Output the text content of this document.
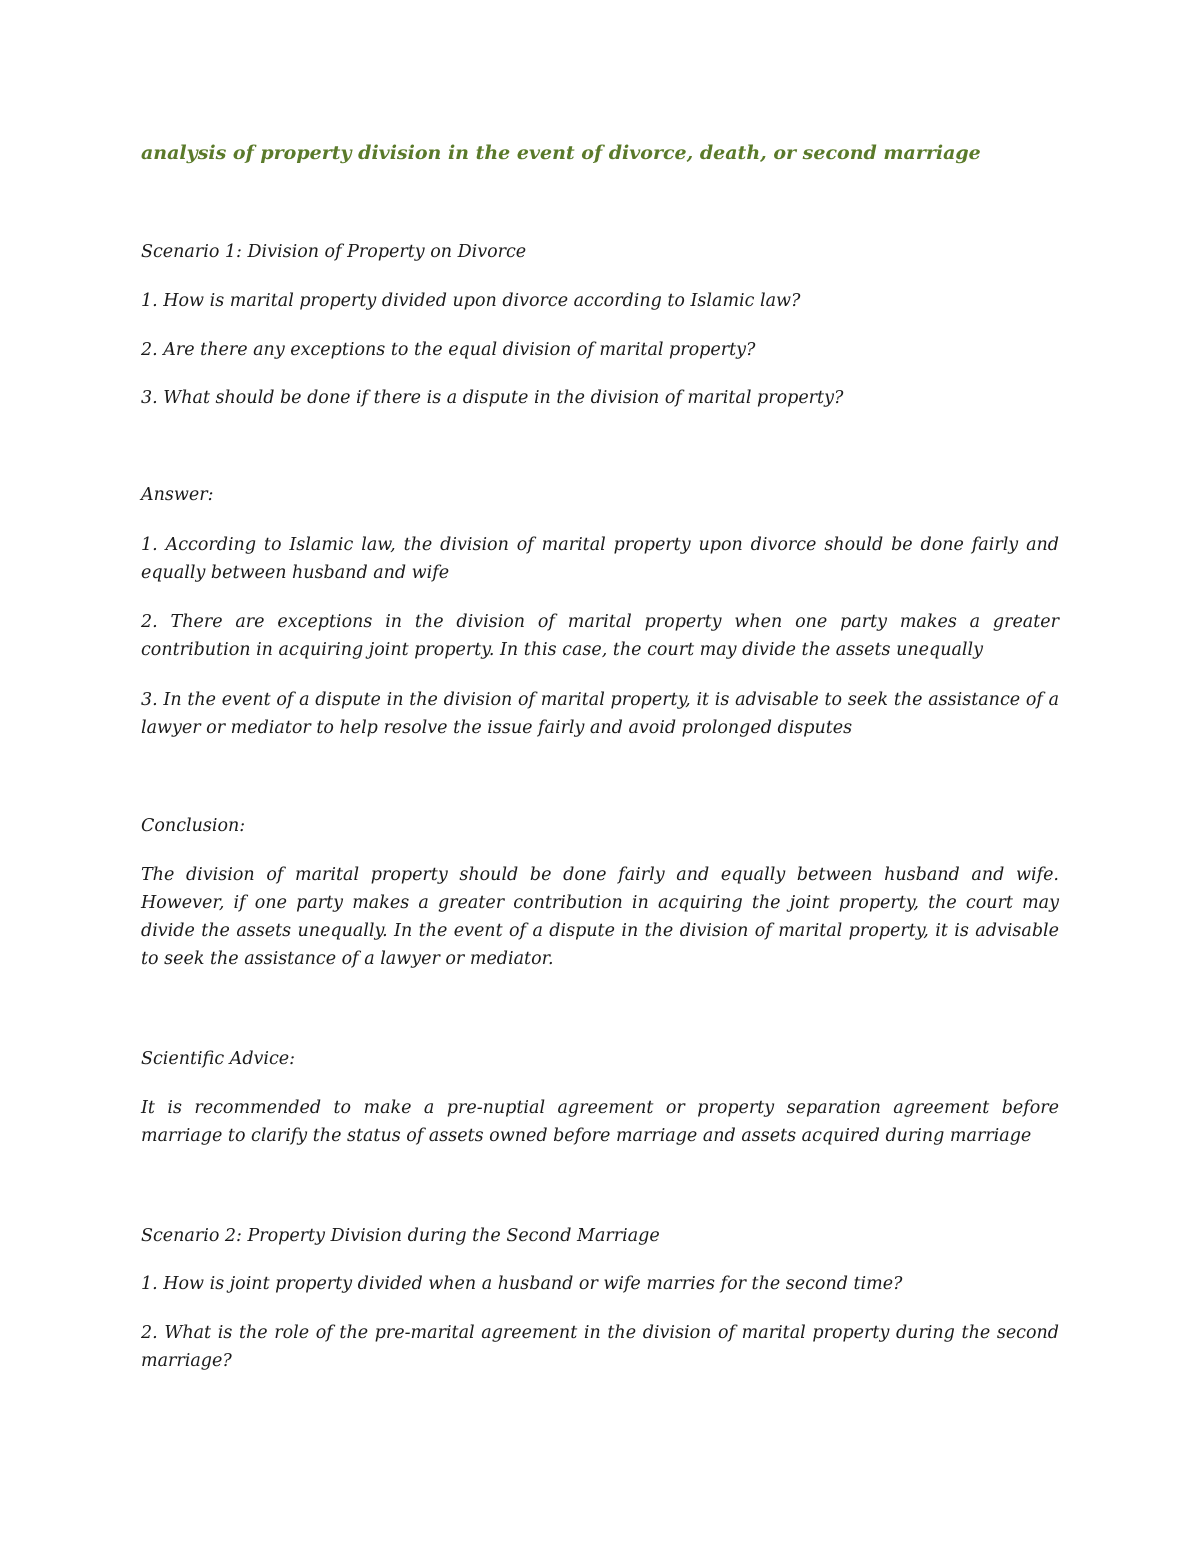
analysis of property division in the event of divorce, death, or second marriage

Scenario 1: Division of Property on Divorce

1. How is marital property divided upon divorce according to Islamic law?

2. Are there any exceptions to the equal division of marital property?

3. What should be done if there is a dispute in the division of marital property?

Answer:

1. According to Islamic law, the division of marital property upon divorce should be done fairly and equally between husband and wife

2. There are exceptions in the division of marital property when one party makes a greater contribution in acquiring joint property. In this case, the court may divide the assets unequally

3. In the event of a dispute in the division of marital property, it is advisable to seek the assistance of a lawyer or mediator to help resolve the issue fairly and avoid prolonged disputes

Conclusion:

The division of marital property should be done fairly and equally between husband and wife. However, if one party makes a greater contribution in acquiring the joint property, the court may divide the assets unequally. In the event of a dispute in the division of marital property, it is advisable to seek the assistance of a lawyer or mediator.

Scientific Advice:

It is recommended to make a pre-nuptial agreement or property separation agreement before marriage to clarify the status of assets owned before marriage and assets acquired during marriage

Scenario 2: Property Division during the Second Marriage

1. How is joint property divided when a husband or wife marries for the second time?

2. What is the role of the pre-marital agreement in the division of marital property during the second marriage?
